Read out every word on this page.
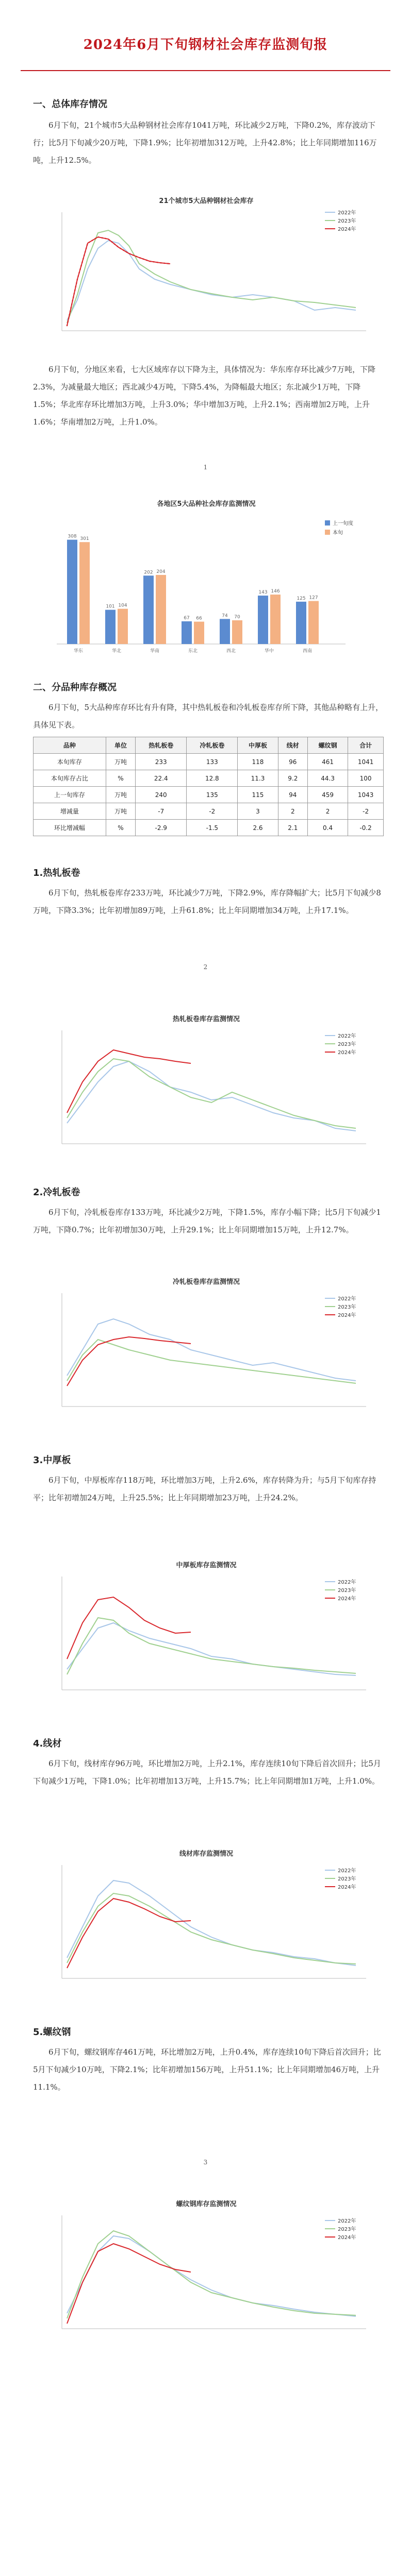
2024年6月下旬钢材社会库存监测旬报
一、总体库存情况
6月下旬，21个城市5大品种钢材社会库存1041万吨，环比减少2万吨，下降0.2%，库存波动下行；比5月下旬减少20万吨，下降1.9%；比年初增加312万吨，上升42.8%；比上年同期增加116万吨，上升12.5%。
21个城市5大品种钢材社会库存
2022年
2023年
2024年
6月下旬，分地区来看，七大区域库存以下降为主，具体情况为：华东库存环比减少7万吨，下降2.3%，为减量最大地区；西北减少4万吨，下降5.4%，为降幅最大地区；东北减少1万吨，下降1.5%；华北库存环比增加3万吨，上升3.0%；华中增加3万吨，上升2.1%；西南增加2万吨，上升1.6%；华南增加2万吨，上升1.0%。
1
各地区5大品种社会库存监测情况
上一旬度
本旬
308 301
华东
101 104
华北
202 204
华南
67 66
东北
74 70
西北
143 146
华中
125 127
西南
二、分品种库存概况
6月下旬，5大品种库存环比有升有降，其中热轧板卷和冷轧板卷库存所下降，其他品种略有上升，具体见下表。
品种	单位	热轧板卷	冷轧板卷	中厚板	线材	螺纹钢	合计
本旬库存	万吨	233	133	118	96	461	1041
本旬库存占比	%	22.4	12.8	11.3	9.2	44.3	100
上一旬库存	万吨	240	135	115	94	459	1043
增减量	万吨	-7	-2	3	2	2	-2
环比增减幅	%	-2.9	-1.5	2.6	2.1	0.4	-0.2
1.热轧板卷
6月下旬，热轧板卷库存233万吨，环比减少7万吨，下降2.9%，库存降幅扩大；比5月下旬减少8万吨，下降3.3%；比年初增加89万吨，上升61.8%；比上年同期增加34万吨，上升17.1%。
2
热轧板卷库存监测情况
2022年
2023年
2024年
2.冷轧板卷
6月下旬，冷轧板卷库存133万吨，环比减少2万吨，下降1.5%，库存小幅下降；比5月下旬减少1万吨，下降0.7%；比年初增加30万吨，上升29.1%；比上年同期增加15万吨，上升12.7%。
冷轧板卷库存监测情况
2022年
2023年
2024年
3.中厚板
6月下旬，中厚板库存118万吨，环比增加3万吨，上升2.6%，库存转降为升；与5月下旬库存持平；比年初增加24万吨，上升25.5%；比上年同期增加23万吨，上升24.2%。
中厚板库存监测情况
2022年
2023年
2024年
4.线材
6月下旬，线材库存96万吨，环比增加2万吨，上升2.1%，库存连续10旬下降后首次回升；比5月下旬减少1万吨，下降1.0%；比年初增加13万吨，上升15.7%；比上年同期增加1万吨，上升1.0%。
线材库存监测情况
2022年
2023年
2024年
5.螺纹钢
6月下旬，螺纹钢库存461万吨，环比增加2万吨，上升0.4%，库存连续10旬下降后首次回升；比5月下旬减少10万吨，下降2.1%；比年初增加156万吨，上升51.1%；比上年同期增加46万吨，上升11.1%。
3
螺纹钢库存监测情况
2022年
2023年
2024年
